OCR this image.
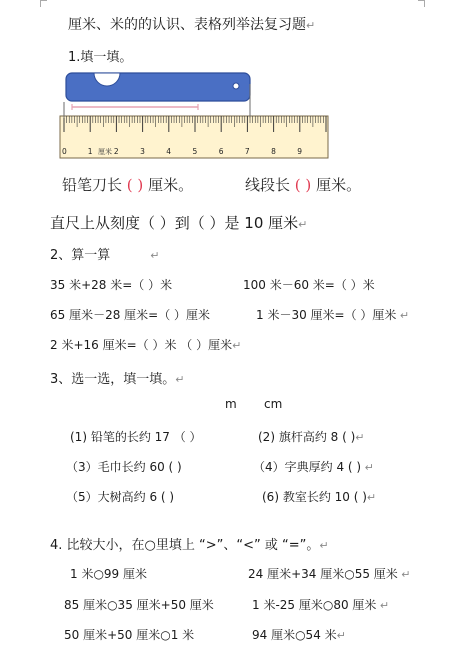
厘米、米的的认识、表格列举法复习题↵
1.填一填。
厘米
0	1	2	3	4	5	6	7	8	9
铅笔刀长 ( ) 厘米。	线段长 ( ) 厘米。
直尺上从刻度（ ）到（ ）是 10 厘米↵
2、算一算	↵
35 米+28 米=（ ）米	100 米－60 米=（ ）米
65 厘米－28 厘米=（ ）厘米	1 米－30 厘米=（ ）厘米 ↵
2 米+16 厘米=（ ）米 （ ）厘米↵
3、选一选，填一填。↵
m cm
(1) 铅笔的长约 17 （ ）	(2) 旗杆高约 8 ( )↵
（3）毛巾长约 60 ( )	（4）字典厚约 4 ( ) ↵
（5）大树高约 6 ( )	(6) 教室长约 10 ( )↵
4. 比较大小，在○里填上 “>”、“<” 或 “=”。↵
1 米○99 厘米	24 厘米+34 厘米○55 厘米 ↵
85 厘米○35 厘米+50 厘米	1 米-25 厘米○80 厘米 ↵
50 厘米+50 厘米○1 米	94 厘米○54 米↵
